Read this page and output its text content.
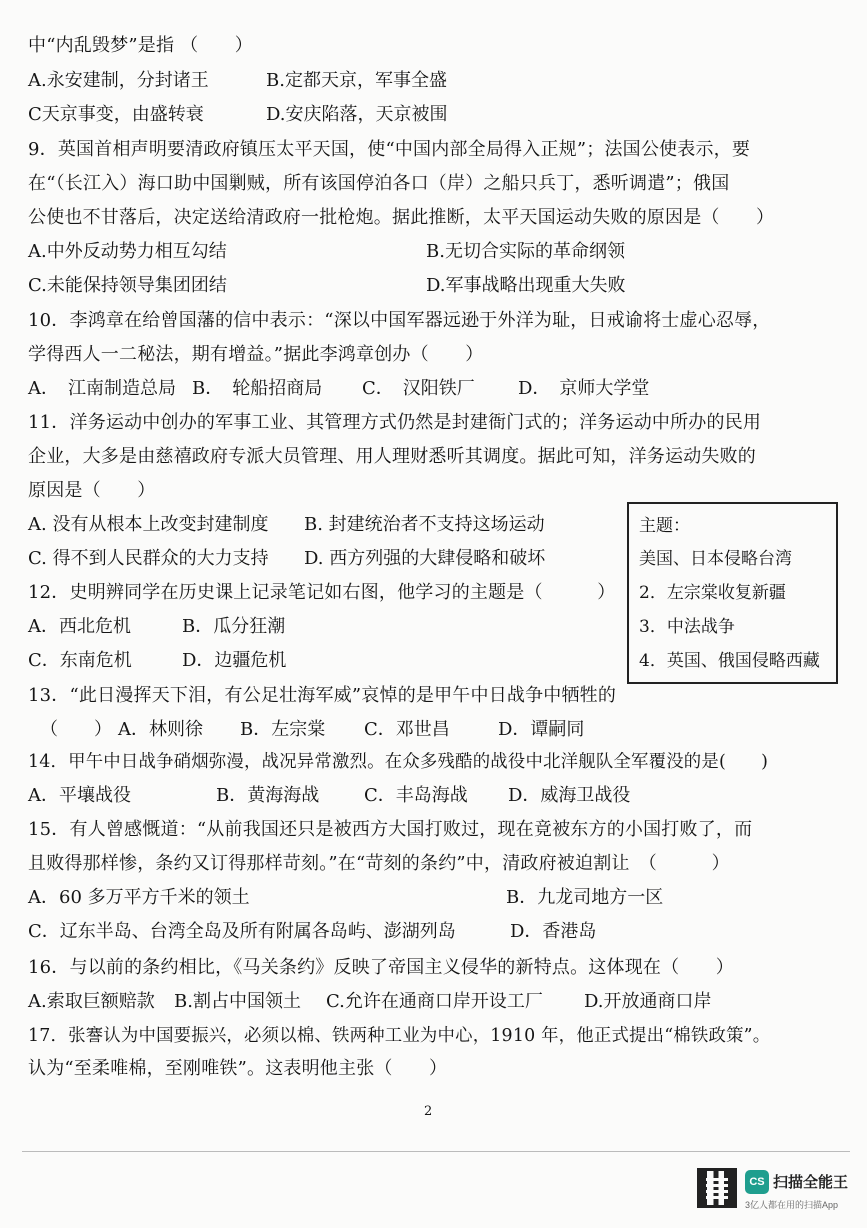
中“内乱毁梦”是指 （　　）
A.永安建制，分封诸王	B.定都天京，军事全盛
C天京事变，由盛转衰	D.安庆陷落，天京被围
9．英国首相声明要清政府镇压太平天国，使“中国内部全局得入正规”；法国公使表示，要
在“（长江入）海口助中国剿贼，所有该国停泊各口（岸）之船只兵丁，悉听调遣”；俄国
公使也不甘落后，决定送给清政府一批枪炮。据此推断，太平天国运动失败的原因是（　　）
A.中外反动势力相互勾结	B.无切合实际的革命纲领
C.未能保持领导集团团结	D.军事战略出现重大失败
10．李鸿章在给曾国藩的信中表示：“深以中国军器远逊于外洋为耻，日戒谕将士虚心忍辱，
学得西人一二秘法，期有增益。”据此李鸿章创办（　　）
A．　江南制造总局 B．　轮船招商局 C．　汉阳铁厂 D．　京师大学堂
11．洋务运动中创办的军事工业、其管理方式仍然是封建衙门式的；洋务运动中所办的民用
企业，大多是由慈禧政府专派大员管理、用人理财悉听其调度。据此可知，洋务运动失败的
原因是（　　）
A. 没有从根本上改变封建制度 B. 封建统治者不支持这场运动
C. 得不到人民群众的大力支持 D. 西方列强的大肆侵略和破坏
12．史明辨同学在历史课上记录笔记如右图，他学习的主题是（　　　）
A．西北危机	B．瓜分狂潮
C．东南危机	D．边疆危机
主题：
美国、日本侵略台湾
2．左宗棠收复新疆
3．中法战争
4．英国、俄国侵略西藏
13．“此日漫挥天下泪，有公足壮海军威”哀悼的是甲午中日战争中牺牲的
（　　） A．林则徐 B．左宗棠 C．邓世昌	D．谭嗣同
14．甲午中日战争硝烟弥漫，战况异常激烈。在众多残酷的战役中北洋舰队全军覆没的是(　　)
A．平壤战役	B．黄海海战 C．丰岛海战 D．威海卫战役
15．有人曾感慨道：“从前我国还只是被西方大国打败过，现在竟被东方的小国打败了，而
且败得那样惨，条约又订得那样苛刻。”在“苛刻的条约”中，清政府被迫割让　（　　　）
A．60 多万平方千米的领土	B．九龙司地方一区
C．辽东半岛、台湾全岛及所有附属各岛屿、澎湖列岛	D．香港岛
16．与以前的条约相比，《马关条约》反映了帝国主义侵华的新特点。这体现在（　　）
A.索取巨额赔款 B.割占中国领土 C.允许在通商口岸开设工厂 D.开放通商口岸
17．张謇认为中国要振兴，必须以棉、铁两种工业为中心，1910 年，他正式提出“棉铁政策”。
认为“至柔唯棉，至刚唯铁”。这表明他主张（　　）
2
CS 扫描全能王
3亿人都在用的扫描App
